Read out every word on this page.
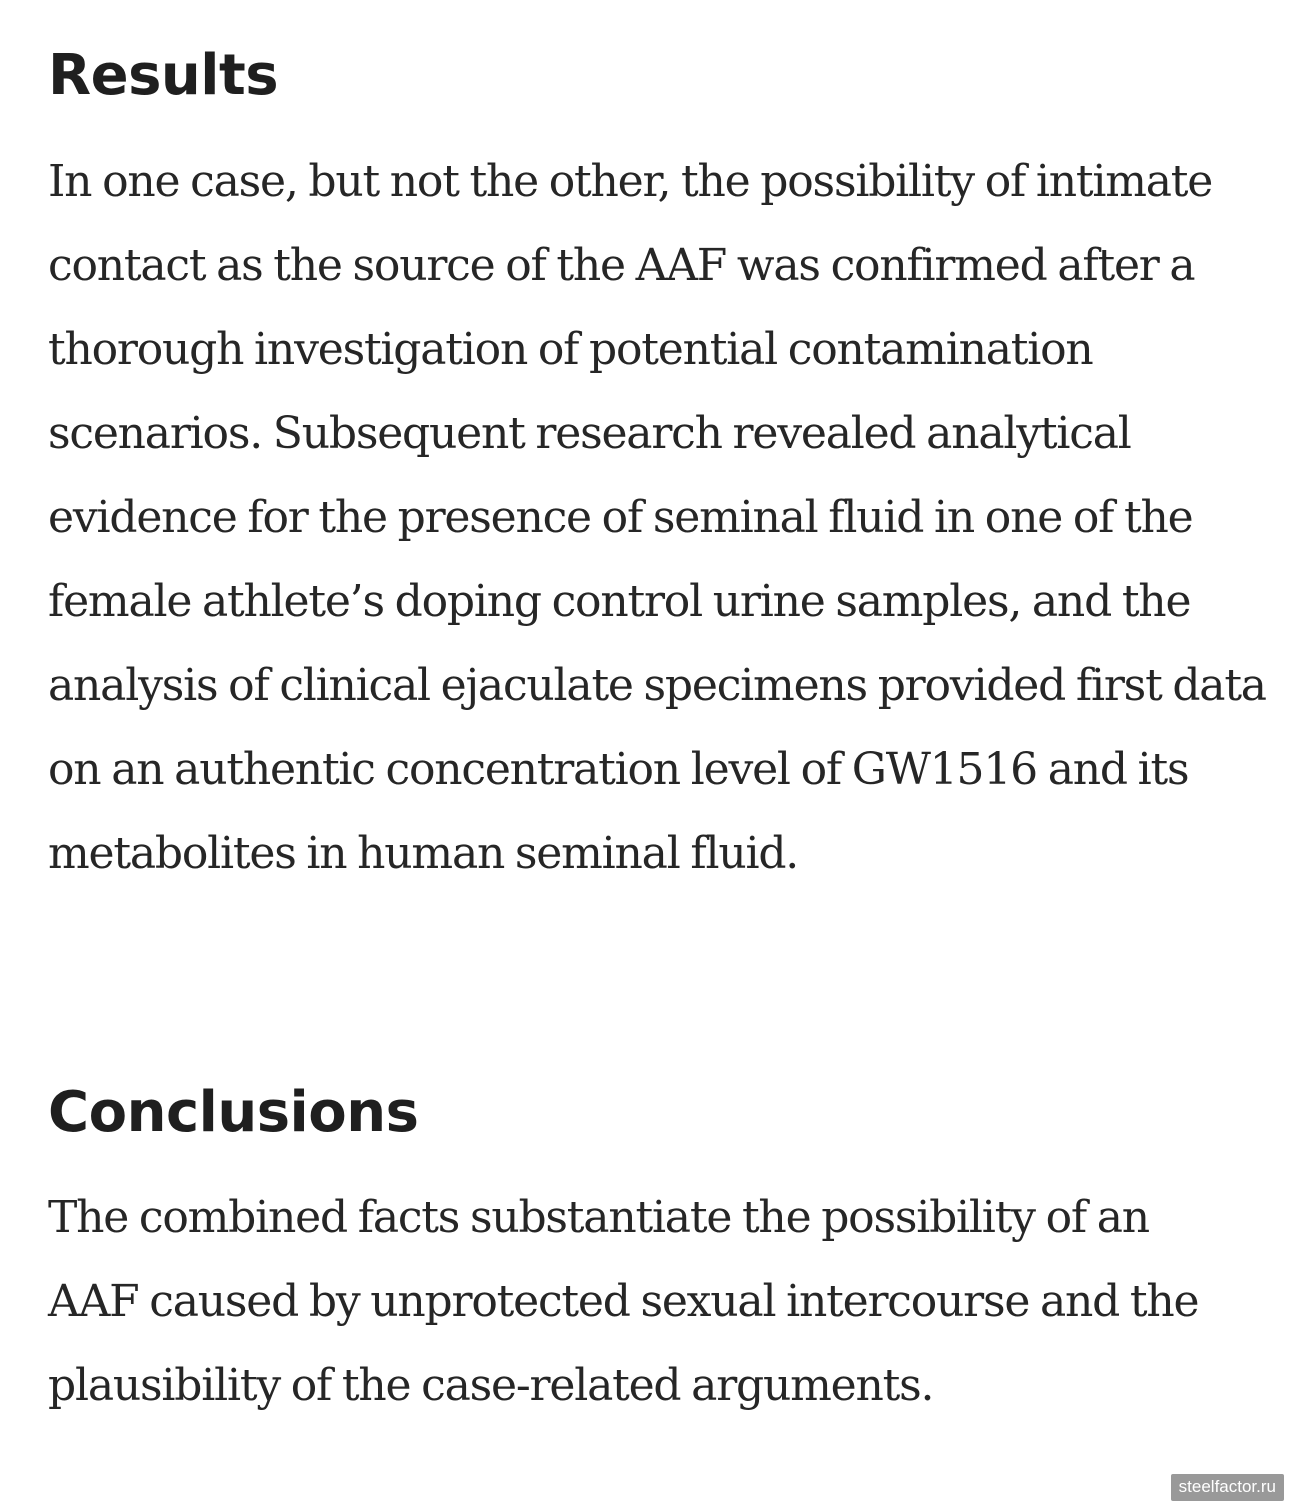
Results

In one case, but not the other, the possibility of intimate contact as the source of the AAF was confirmed after a thorough investigation of potential contamination scenarios. Subsequent research revealed analytical evidence for the presence of seminal fluid in one of the female athlete’s doping control urine samples, and the analysis of clinical ejaculate specimens provided first data on an authentic concentration level of GW1516 and its metabolites in human seminal fluid.

Conclusions

The combined facts substantiate the possibility of an AAF caused by unprotected sexual intercourse and the plausibility of the case-related arguments.

steelfactor.ru
